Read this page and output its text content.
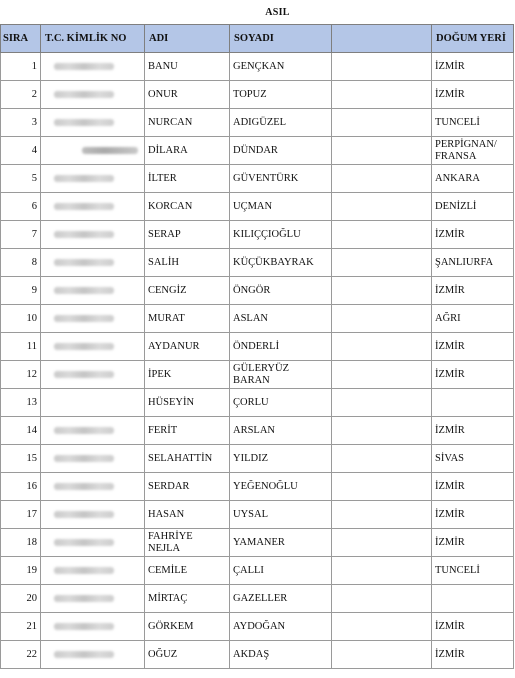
ASIL
SIRA	T.C. KİMLİK NO	ADI	SOYADI		DOĞUM YERİ
1		BANU	GENÇKAN		İZMİR
2		ONUR	TOPUZ		İZMİR
3		NURCAN	ADIGÜZEL		TUNCELİ
4		DİLARA	DÜNDAR		PERPİGNAN/ FRANSA
5		İLTER	GÜVENTÜRK		ANKARA
6		KORCAN	UÇMAN		DENİZLİ
7		SERAP	KILIÇÇIOĞLU		İZMİR
8		SALİH	KÜÇÜKBAYRAK		ŞANLIURFA
9		CENGİZ	ÖNGÖR		İZMİR
10		MURAT	ASLAN		AĞRI
11		AYDANUR	ÖNDERLİ		İZMİR
12		İPEK	GÜLERYÜZ BARAN		İZMİR
13		HÜSEYİN	ÇORLU		
14		FERİT	ARSLAN		İZMİR
15		SELAHATTİN	YILDIZ		SİVAS
16		SERDAR	YEĞENOĞLU		İZMİR
17		HASAN	UYSAL		İZMİR
18		FAHRİYE NEJLA	YAMANER		İZMİR
19		CEMİLE	ÇALLI		TUNCELİ
20		MİRTAÇ	GAZELLER		
21		GÖRKEM	AYDOĞAN		İZMİR
22		OĞUZ	AKDAŞ		İZMİR
